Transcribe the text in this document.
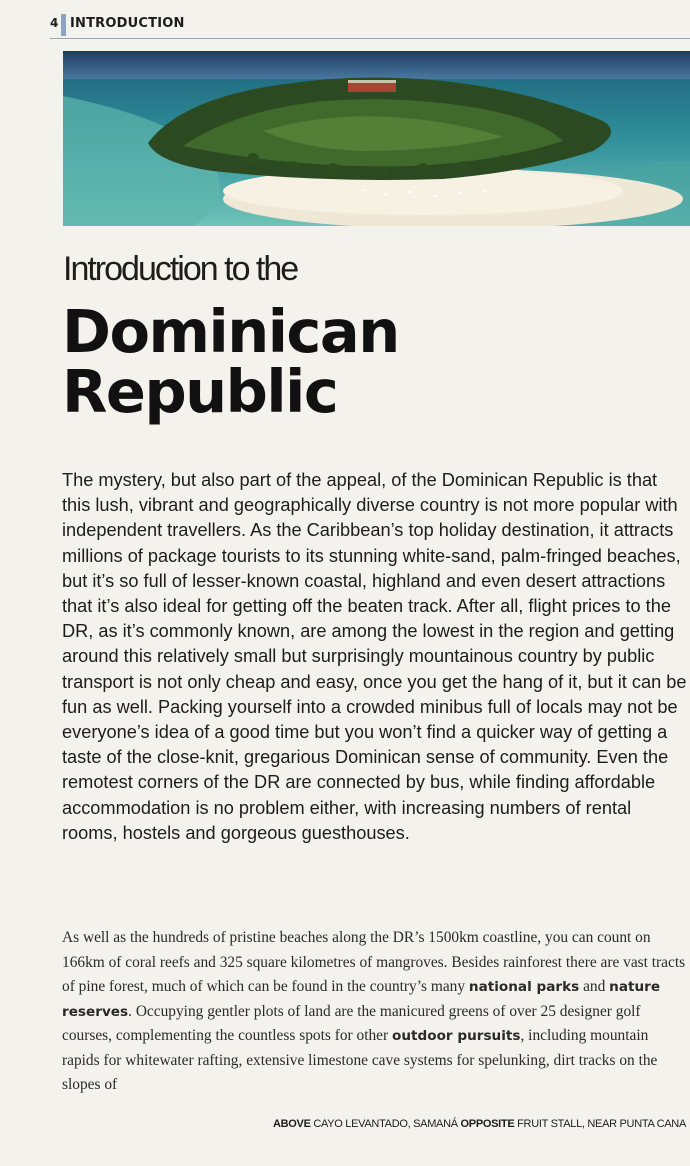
4 INTRODUCTION
Introduction to the
Dominican
Republic

The mystery, but also part of the appeal, of the Dominican Republic is that this lush, vibrant and geographically diverse country is not more popular with independent travellers. As the Caribbean’s top holiday destination, it attracts millions of package tourists to its stunning white-sand, palm-fringed beaches, but it’s so full of lesser-known coastal, highland and even desert attractions that it’s also ideal for getting off the beaten track. After all, flight prices to the DR, as it’s commonly known, are among the lowest in the region and getting around this relatively small but surprisingly mountainous country by public transport is not only cheap and easy, once you get the hang of it, but it can be fun as well. Packing yourself into a crowded minibus full of locals may not be everyone’s idea of a good time but you won’t find a quicker way of getting a taste of the close-knit, gregarious Dominican sense of community. Even the remotest corners of the DR are connected by bus, while finding affordable accommodation is no problem either, with increasing numbers of rental rooms, hostels and gorgeous guesthouses.

As well as the hundreds of pristine beaches along the DR’s 1500km coastline, you can count on 166km of coral reefs and 325 square kilometres of mangroves. Besides rainforest there are vast tracts of pine forest, much of which can be found in the country’s many national parks and nature reserves. Occupying gentler plots of land are the manicured greens of over 25 designer golf courses, complementing the countless spots for other outdoor pursuits, including mountain rapids for whitewater rafting, extensive limestone cave systems for spelunking, dirt tracks on the slopes of

ABOVE CAYO LEVANTADO, SAMANÁ OPPOSITE FRUIT STALL, NEAR PUNTA CANA
